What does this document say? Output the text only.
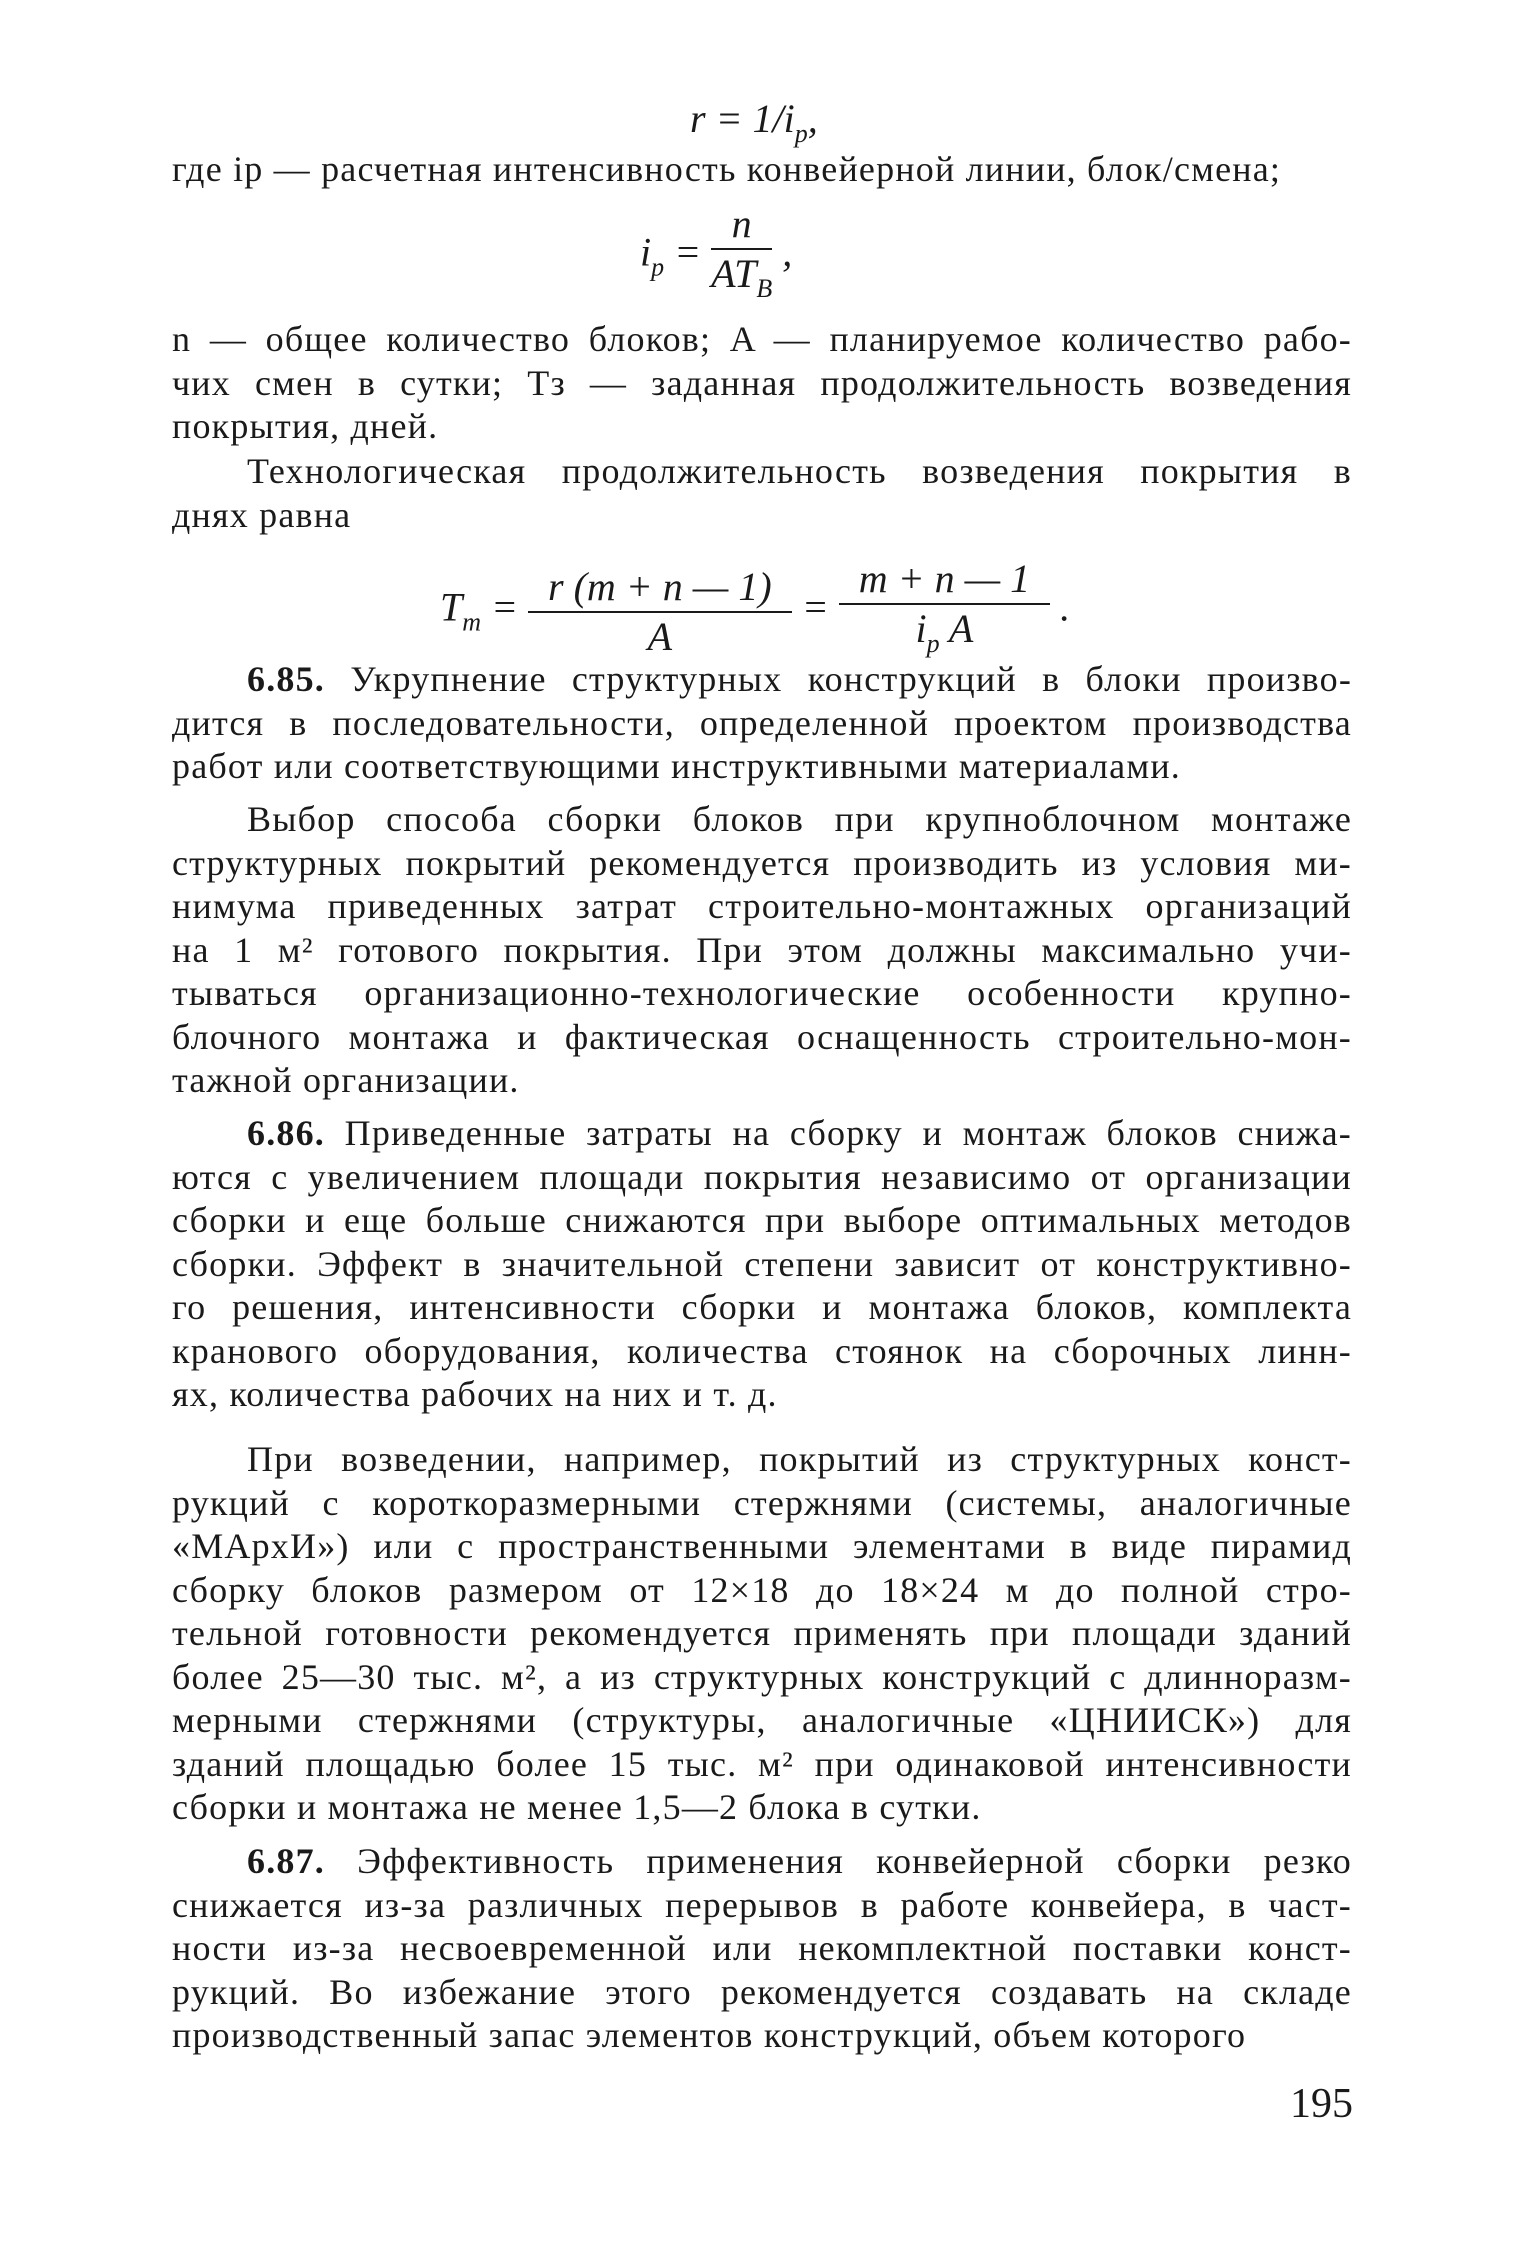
$r = 1/i_p$,
где iр — расчетная интенсивность конвейерной линии, блок/смена;
$i_p = \frac{n}{AT_B}$ ,
n — общее количество блоков; A — планируемое количество рабо-
чих смен в сутки; Tз — заданная продолжительность возведения
покрытия, дней.
Технологическая продолжительность возведения покрытия в
днях равна
$T_т = \frac{r (m + n — 1)}{A} = \frac{m + n — 1}{i_p A}$ .
6.85. Укрупнение структурных конструкций в блоки произво-
дится в последовательности, определенной проектом производства
работ или соответствующими инструктивными материалами.
Выбор способа сборки блоков при крупноблочном монтаже
структурных покрытий рекомендуется производить из условия ми-
нимума приведенных затрат строительно-монтажных организаций
на 1 м² готового покрытия. При этом должны максимально учи-
тываться организационно-технологические особенности крупно-
блочного монтажа и фактическая оснащенность строительно-мон-
тажной организации.
6.86. Приведенные затраты на сборку и монтаж блоков снижа-
ются с увеличением площади покрытия независимо от организации
сборки и еще больше снижаются при выборе оптимальных методов
сборки. Эффект в значительной степени зависит от конструктивно-
го решения, интенсивности сборки и монтажа блоков, комплекта
кранового оборудования, количества стоянок на сборочных линн-
ях, количества рабочих на них и т. д.
При возведении, например, покрытий из структурных конст-
рукций с короткоразмерными стержнями (системы, аналогичные
«МАрхИ») или с пространственными элементами в виде пирамид
сборку блоков размером от 12×18 до 18×24 м до полной стро-
тельной готовности рекомендуется применять при площади зданий
более 25—30 тыс. м², а из структурных конструкций с длинноразм-
мерными стержнями (структуры, аналогичные «ЦНИИСК») для
зданий площадью более 15 тыс. м² при одинаковой интенсивности
сборки и монтажа не менее 1,5—2 блока в сутки.
6.87. Эффективность применения конвейерной сборки резко
снижается из-за различных перерывов в работе конвейера, в част-
ности из-за несвоевременной или некомплектной поставки конст-
рукций. Во избежание этого рекомендуется создавать на складе
производственный запас элементов конструкций, объем которого
195
